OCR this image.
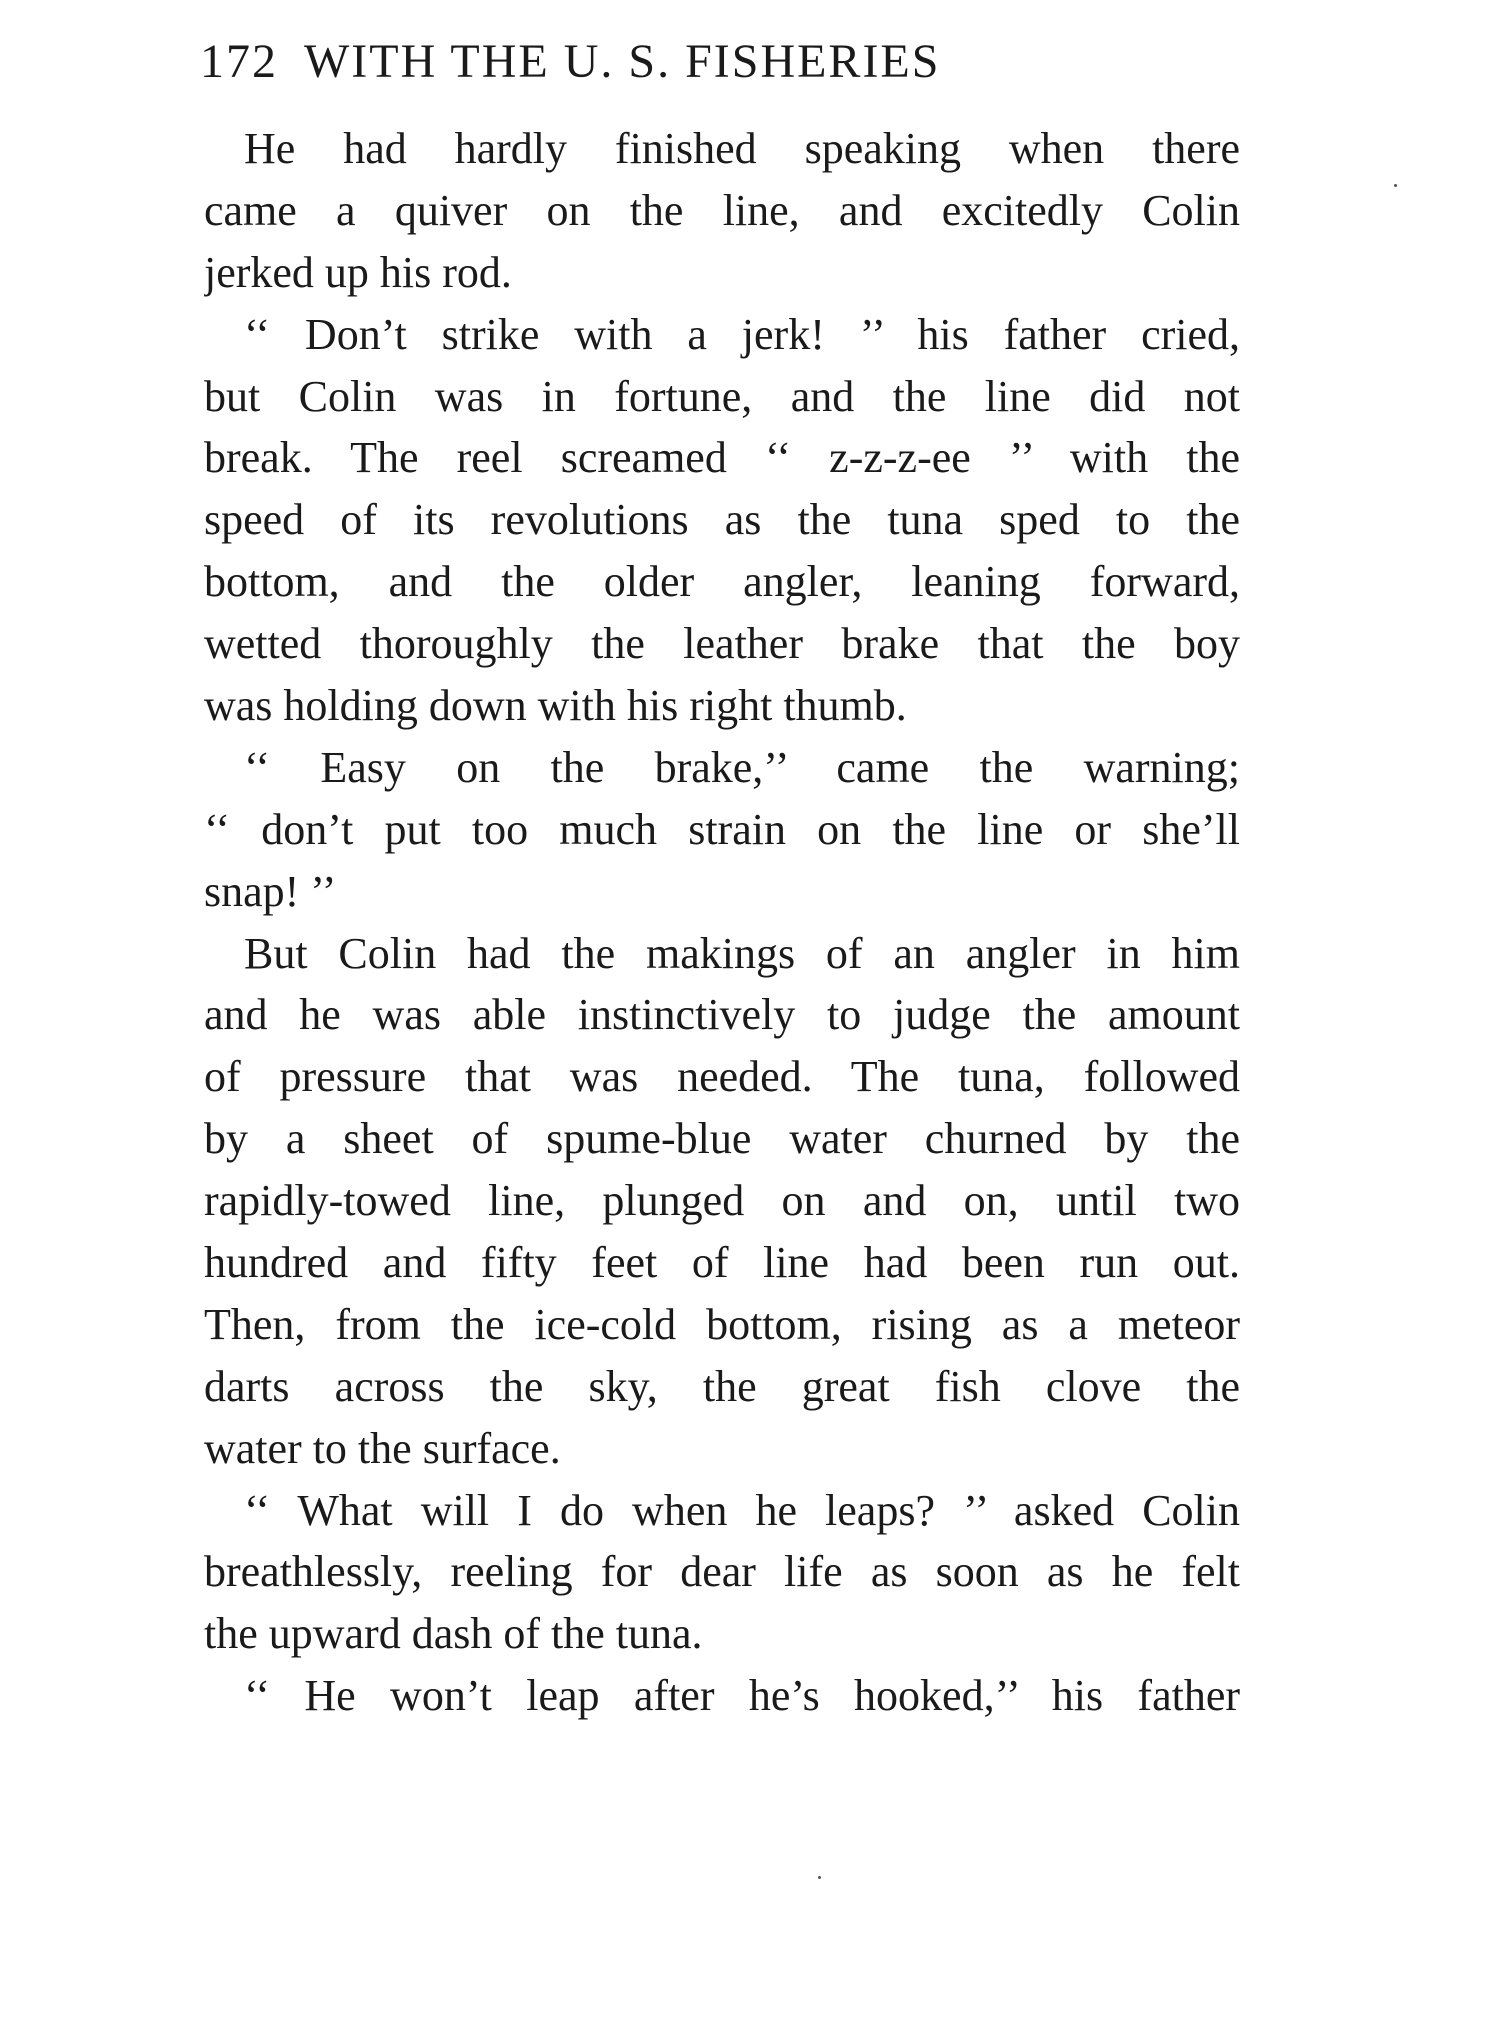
172 WITH THE U. S. FISHERIES
He had hardly finished speaking when there
came a quiver on the line, and excitedly Colin
jerked up his rod.
‘‘ Don’t strike with a jerk! ’’ his father cried,
but Colin was in fortune, and the line did not
break. The reel screamed ‘‘ z-z-z-ee ’’ with the
speed of its revolutions as the tuna sped to the
bottom, and the older angler, leaning forward,
wetted thoroughly the leather brake that the boy
was holding down with his right thumb.
‘‘ Easy on the brake,’’ came the warning;
‘‘ don’t put too much strain on the line or she’ll
snap! ’’
But Colin had the makings of an angler in him
and he was able instinctively to judge the amount
of pressure that was needed. The tuna, followed
by a sheet of spume-blue water churned by the
rapidly-towed line, plunged on and on, until two
hundred and fifty feet of line had been run out.
Then, from the ice-cold bottom, rising as a meteor
darts across the sky, the great fish clove the
water to the surface.
‘‘ What will I do when he leaps? ’’ asked Colin
breathlessly, reeling for dear life as soon as he felt
the upward dash of the tuna.
‘‘ He won’t leap after he’s hooked,’’ his father
